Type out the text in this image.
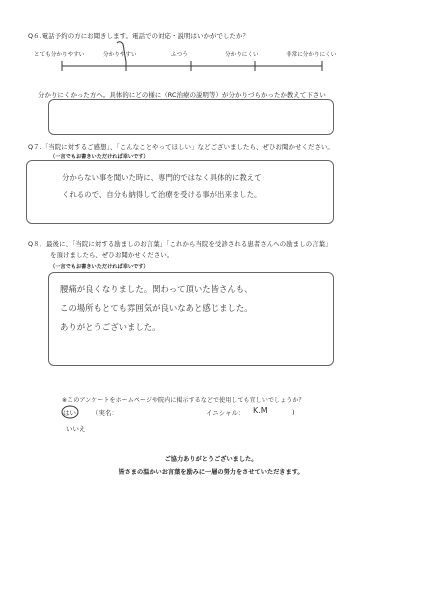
Q６.電話予約の方にお聞きします。電話での対応・説明はいかがでしたか？
とても分かりやすい	分かりやすい	ふつう	分かりにくい	非常に分かりにくい
分かりにくかった方へ。具体的にどの様に（RC治療の説明等）が分かりづらかったか教えて下さい
Q７.「当院に対するご感想」、「こんなことやってほしい」などございましたら、ぜひお聞かせください。
（一言でもお書きいただければ幸いです）
分からない事を聞いた時に、専門的ではなく具体的に教えて
くれるので、自分も納得して治療を受ける事が出来ました。
Q８．最後に、「当院に対する励ましのお言葉」「これから当院を受診される患者さんへの励ましの言葉」
を頂けましたら、ぜひお聞かせください。
（一言でもお書きいただければ幸いです）
腰痛が良くなりました。関わって頂いた皆さんも、
この場所もとても雰囲気が良いなあと感じました。
ありがとうございました。
※このアンケートをホームページや院内に掲示するなどで使用しても宜しいでしょうか？
はい	（実名：	イニシャル： K.M	)
いいえ
ご協力ありがとうございました。
皆さまの温かいお言葉を励みに一層の努力をさせていただきます。
